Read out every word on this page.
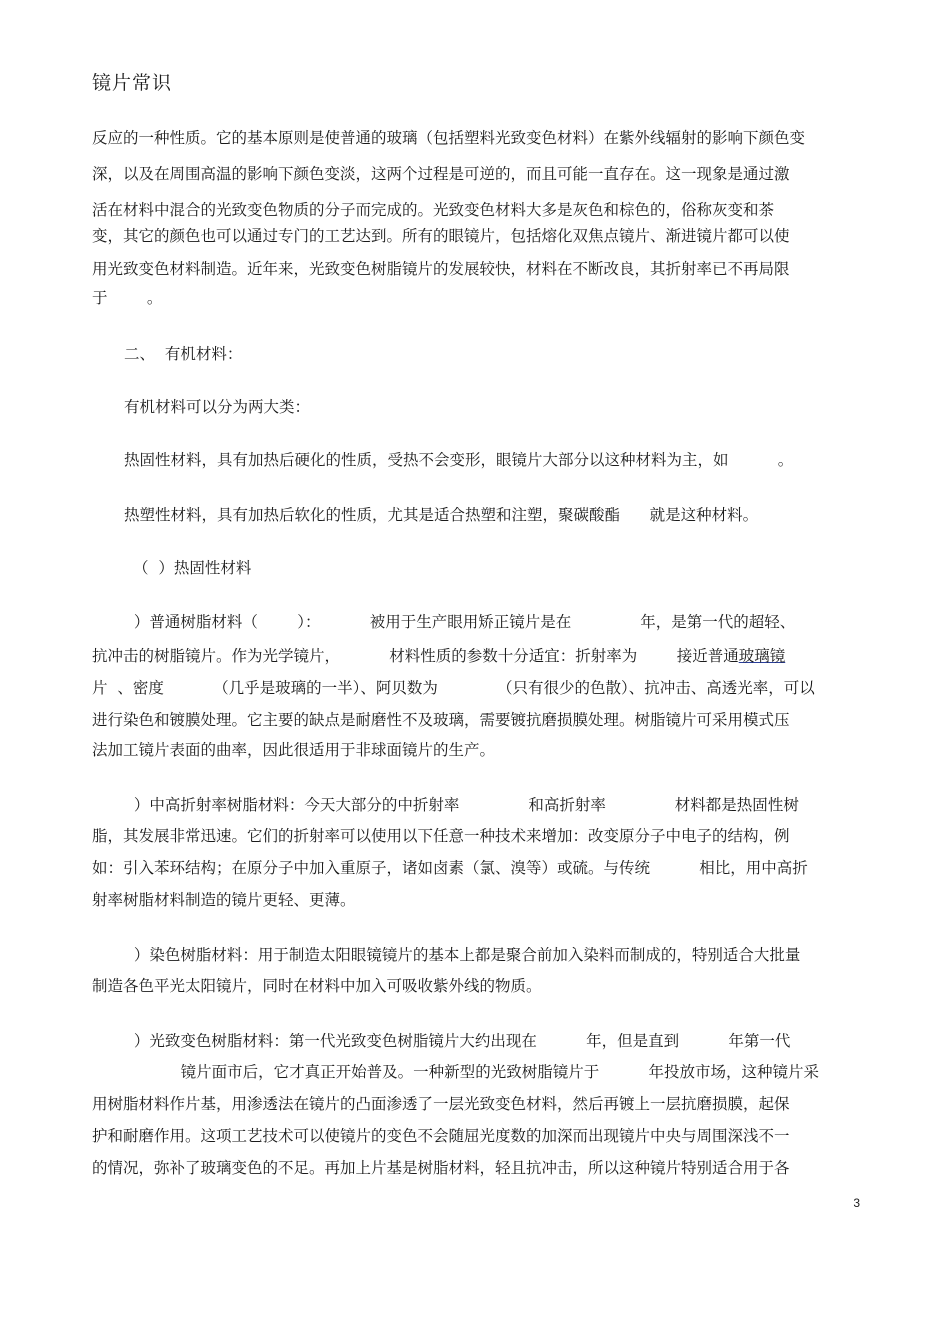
镜片常识
反应的一种性质。它的基本原则是使普通的玻璃（包括塑料光致变色材料）在紫外线辐射的影响下颜色变
深，以及在周围高温的影响下颜色变淡，这两个过程是可逆的，而且可能一直存在。这一现象是通过激
活在材料中混合的光致变色物质的分子而完成的。光致变色材料大多是灰色和棕色的，俗称灰变和茶
变，其它的颜色也可以通过专门的工艺达到。所有的眼镜片，包括熔化双焦点镜片、渐进镜片都可以使
用光致变色材料制造。近年来，光致变色树脂镜片的发展较快，材料在不断改良，其折射率已不再局限
于        。
二、  有机材料：
有机材料可以分为两大类：
热固性材料，具有加热后硬化的性质，受热不会变形，眼镜片大部分以这种材料为主，如          。
热塑性材料，具有加热后软化的性质，尤其是适合热塑和注塑，聚碳酸酯      就是这种材料。
（  ）热固性材料
）普通树脂材料（        ）：          被用于生产眼用矫正镜片是在              年，是第一代的超轻、
抗冲击的树脂镜片。作为光学镜片，          材料性质的参数十分适宜：折射率为        接近普通玻璃镜
片  、密度          （几乎是玻璃的一半）、阿贝数为            （只有很少的色散）、抗冲击、高透光率，可以
进行染色和镀膜处理。它主要的缺点是耐磨性不及玻璃，需要镀抗磨损膜处理。树脂镜片可采用模式压
法加工镜片表面的曲率，因此很适用于非球面镜片的生产。
）中高折射率树脂材料：今天大部分的中折射率              和高折射率              材料都是热固性树
脂，其发展非常迅速。它们的折射率可以使用以下任意一种技术来增加：改变原分子中电子的结构，例
如：引入苯环结构；在原分子中加入重原子，诸如卤素（氯、溴等）或硫。与传统          相比，用中高折
射率树脂材料制造的镜片更轻、更薄。
）染色树脂材料：用于制造太阳眼镜镜片的基本上都是聚合前加入染料而制成的，特别适合大批量
制造各色平光太阳镜片，同时在材料中加入可吸收紫外线的物质。
）光致变色树脂材料：第一代光致变色树脂镜片大约出现在          年，但是直到          年第一代
镜片面市后，它才真正开始普及。一种新型的光致树脂镜片于          年投放市场，这种镜片采
用树脂材料作片基，用渗透法在镜片的凸面渗透了一层光致变色材料，然后再镀上一层抗磨损膜，起保
护和耐磨作用。这项工艺技术可以使镜片的变色不会随屈光度数的加深而出现镜片中央与周围深浅不一
的情况，弥补了玻璃变色的不足。再加上片基是树脂材料，轻且抗冲击，所以这种镜片特别适合用于各
3
